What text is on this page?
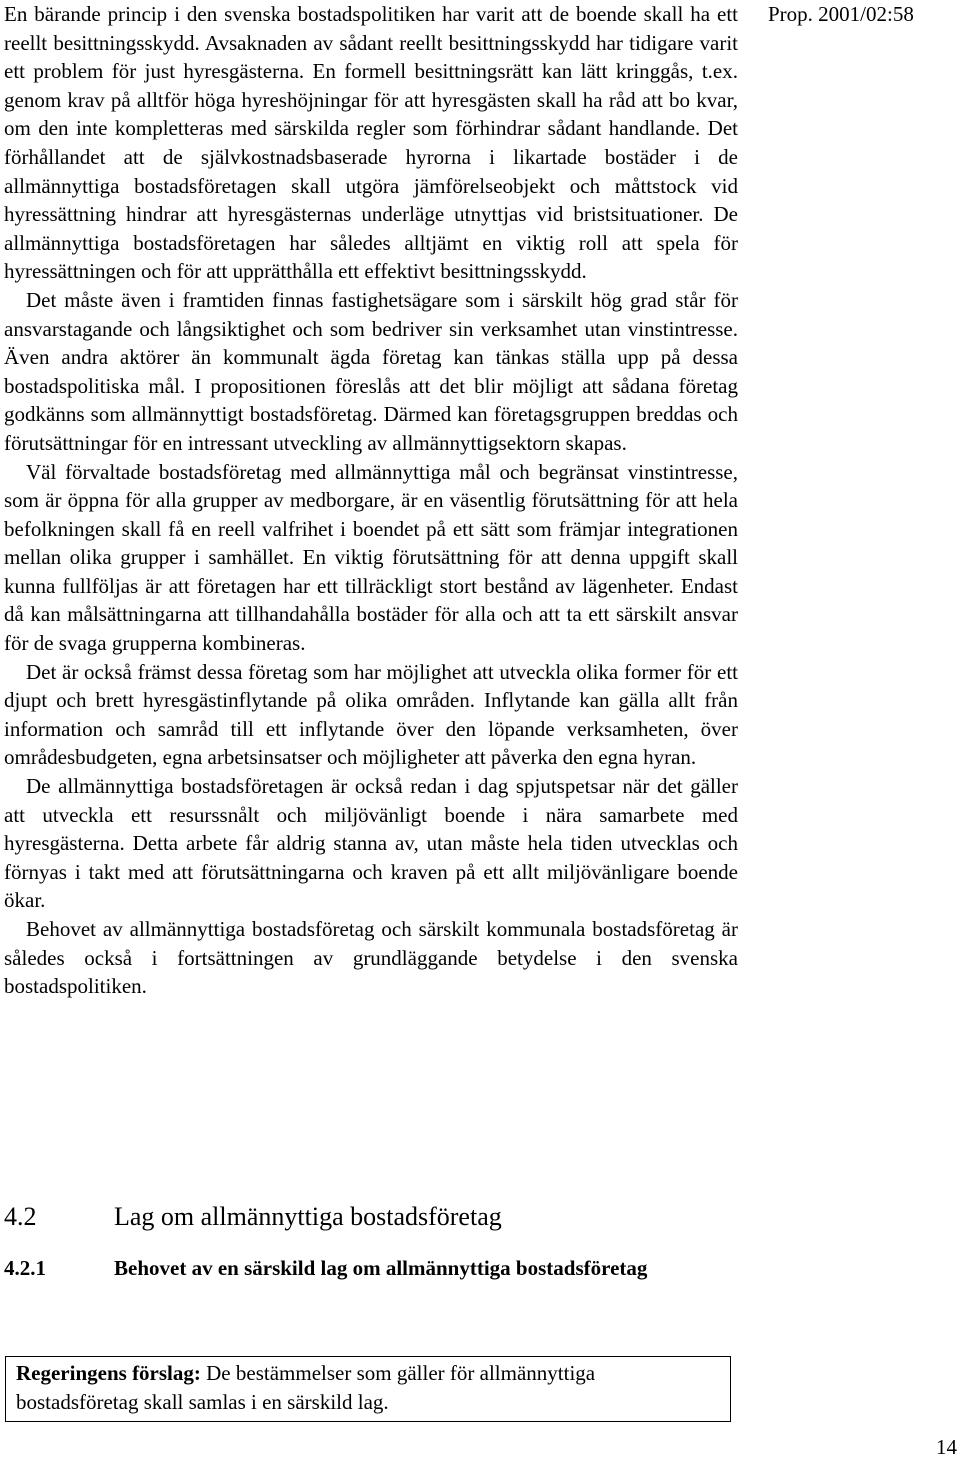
Prop. 2001/02:58

En bärande princip i den svenska bostadspolitiken har varit att de boende skall ha ett reellt besittningsskydd. Avsaknaden av sådant reellt besittningsskydd har tidigare varit ett problem för just hyresgästerna. En formell besittningsrätt kan lätt kringgås, t.ex. genom krav på alltför höga hyreshöjningar för att hyresgästen skall ha råd att bo kvar, om den inte kompletteras med särskilda regler som förhindrar sådant handlande. Det förhållandet att de självkostnadsbaserade hyrorna i likartade bostäder i de allmännyttiga bostadsföretagen skall utgöra jämförelseobjekt och måttstock vid hyressättning hindrar att hyresgästernas underläge utnyttjas vid bristsituationer. De allmännyttiga bostadsföretagen har således alltjämt en viktig roll att spela för hyressättningen och för att upprätthålla ett effektivt besittningsskydd.

Det måste även i framtiden finnas fastighetsägare som i särskilt hög grad står för ansvarstagande och långsiktighet och som bedriver sin verksamhet utan vinstintresse. Även andra aktörer än kommunalt ägda företag kan tänkas ställa upp på dessa bostadspolitiska mål. I propositionen föreslås att det blir möjligt att sådana företag godkänns som allmännyttigt bostadsföretag. Därmed kan företagsgruppen breddas och förutsättningar för en intressant utveckling av allmännyttigsektorn skapas.

Väl förvaltade bostadsföretag med allmännyttiga mål och begränsat vinstintresse, som är öppna för alla grupper av medborgare, är en väsentlig förutsättning för att hela befolkningen skall få en reell valfrihet i boendet på ett sätt som främjar integrationen mellan olika grupper i samhället. En viktig förutsättning för att denna uppgift skall kunna fullföljas är att företagen har ett tillräckligt stort bestånd av lägenheter. Endast då kan målsättningarna att tillhandahålla bostäder för alla och att ta ett särskilt ansvar för de svaga grupperna kombineras.

Det är också främst dessa företag som har möjlighet att utveckla olika former för ett djupt och brett hyresgästinflytande på olika områden. Inflytande kan gälla allt från information och samråd till ett inflytande över den löpande verksamheten, över områdesbudgeten, egna arbetsinsatser och möjligheter att påverka den egna hyran.

De allmännyttiga bostadsföretagen är också redan i dag spjutspetsar när det gäller att utveckla ett resurssnålt och miljövänligt boende i nära samarbete med hyresgästerna. Detta arbete får aldrig stanna av, utan måste hela tiden utvecklas och förnyas i takt med att förutsättningarna och kraven på ett allt miljövänligare boende ökar.

Behovet av allmännyttiga bostadsföretag och särskilt kommunala bostadsföretag är således också i fortsättningen av grundläggande betydelse i den svenska bostadspolitiken.

4.2	Lag om allmännyttiga bostadsföretag
4.2.1	Behovet av en särskild lag om allmännyttiga bostadsföretag
Regeringens förslag: De bestämmelser som gäller för allmännyttiga bostadsföretag skall samlas i en särskild lag.
14
